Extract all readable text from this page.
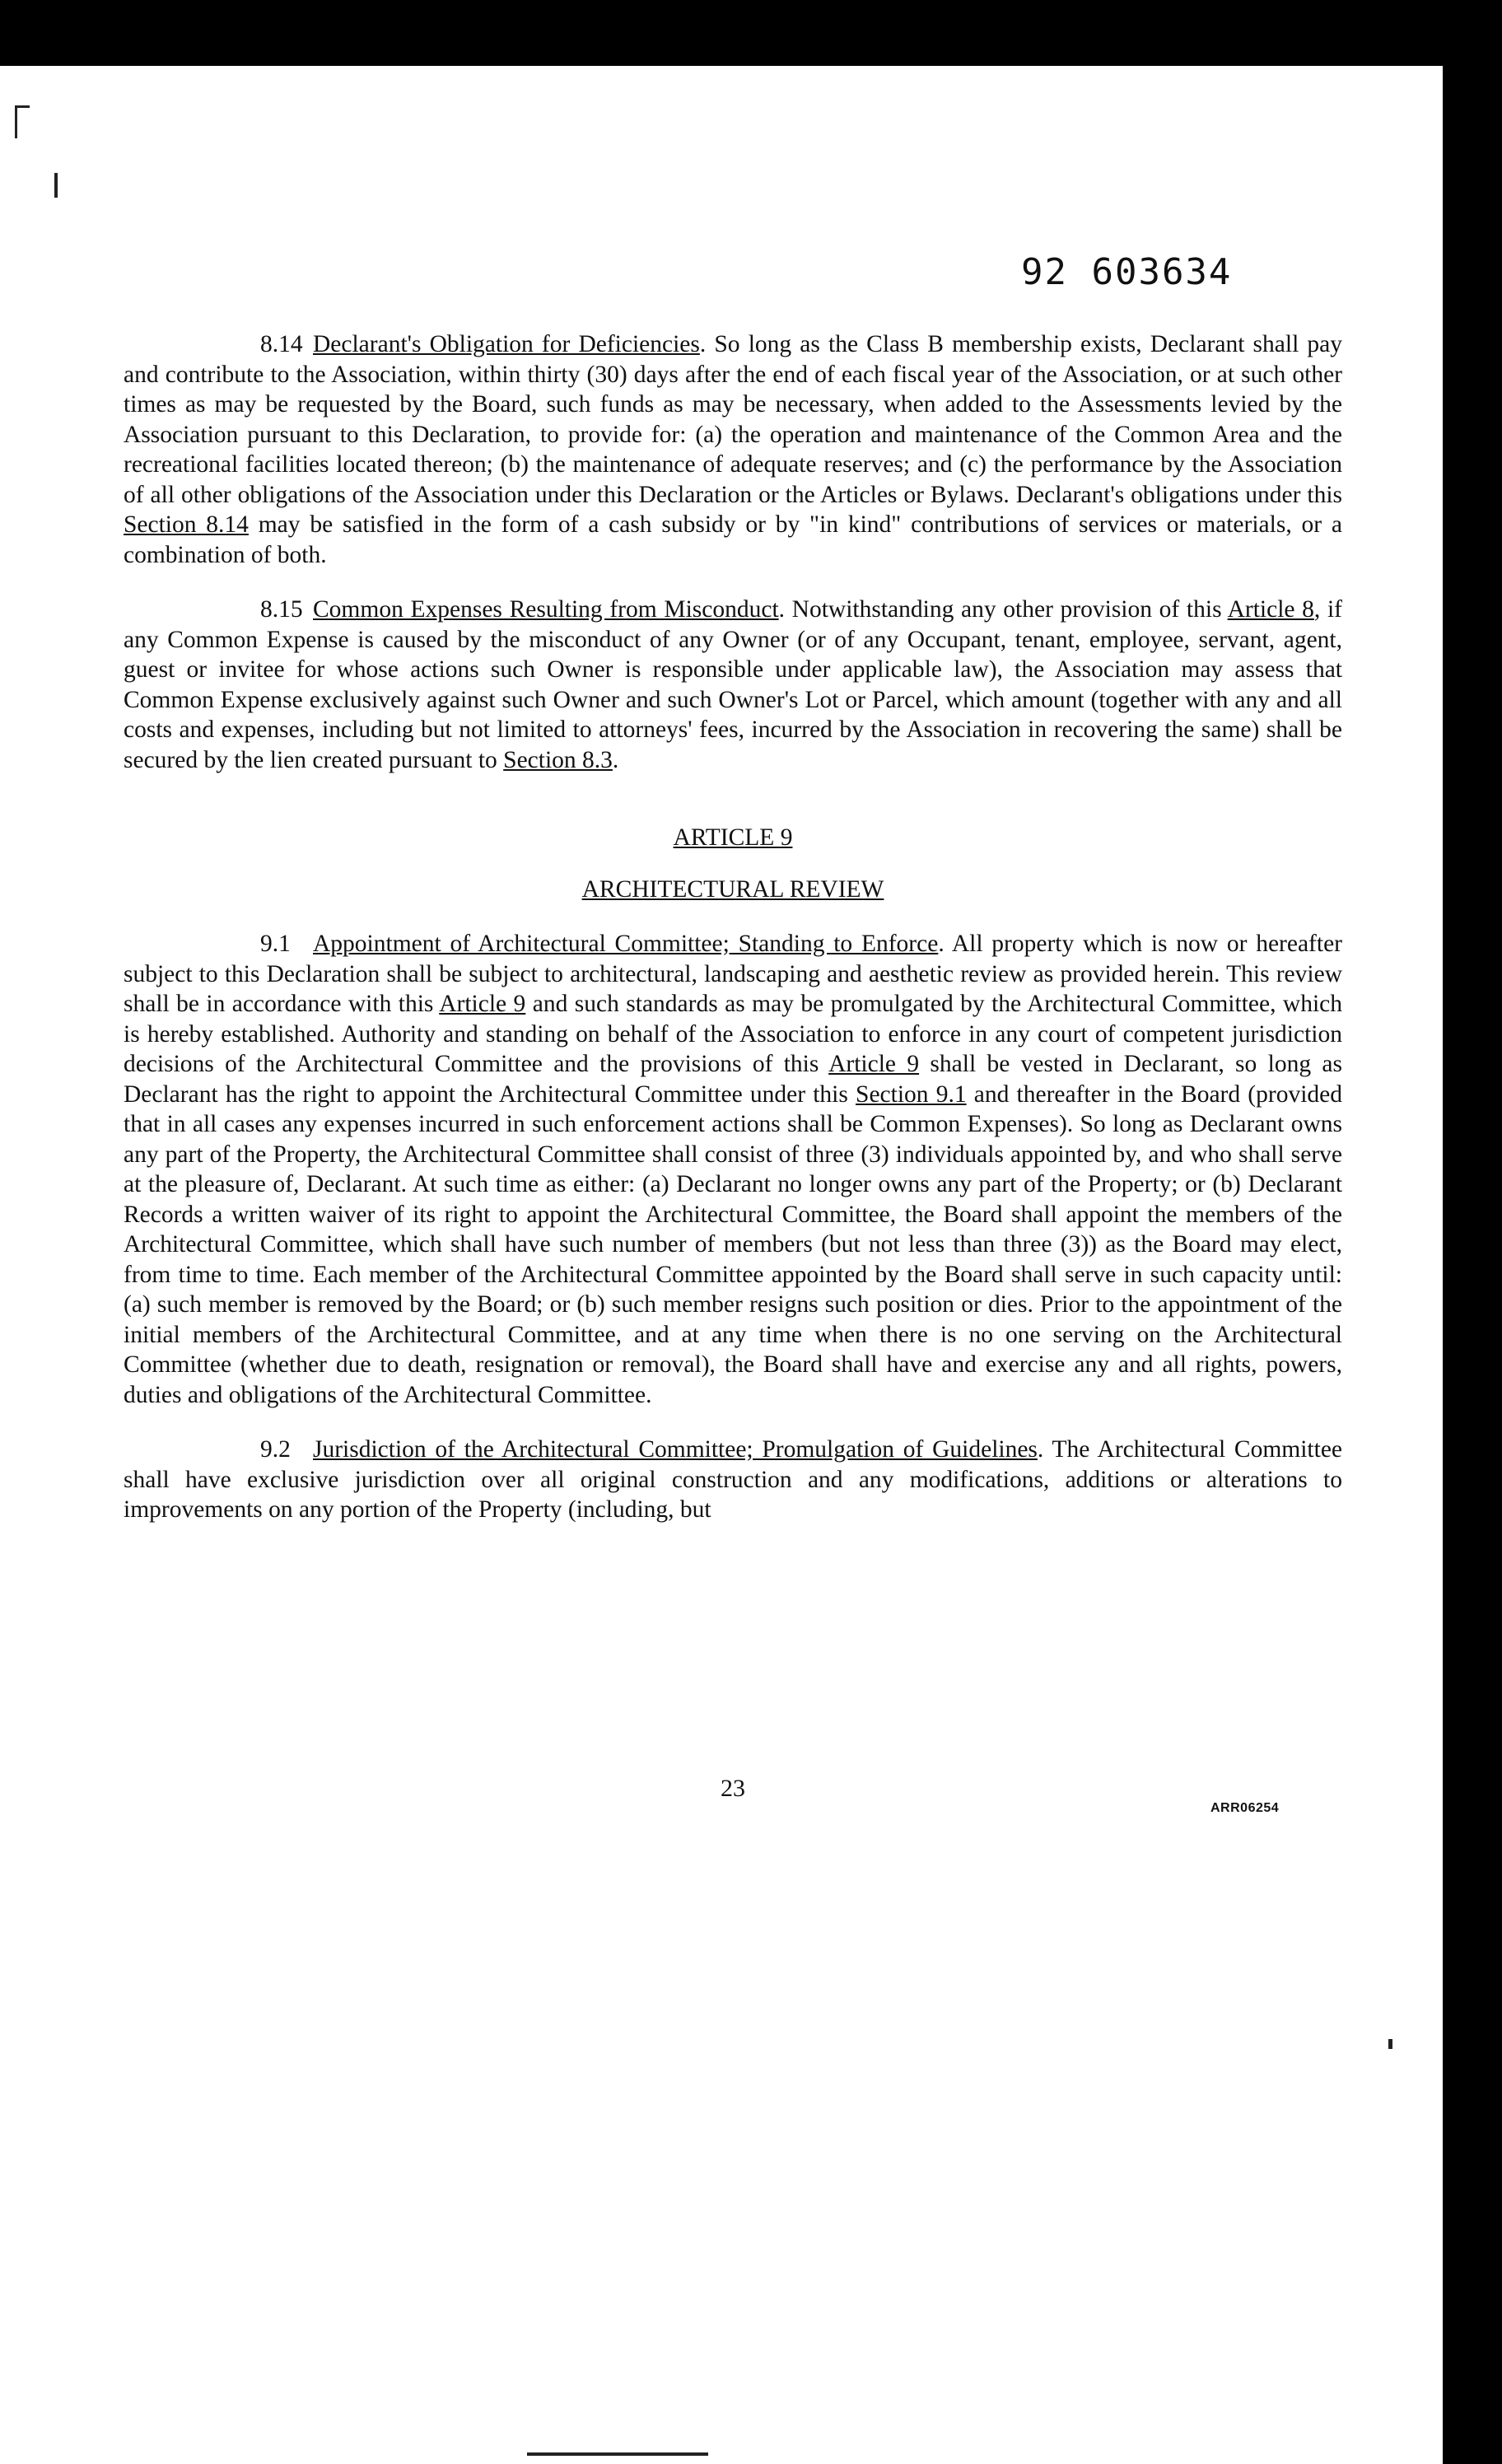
92 603634

8.14 Declarant's Obligation for Deficiencies. So long as the Class B membership exists, Declarant shall pay and contribute to the Association, within thirty (30) days after the end of each fiscal year of the Association, or at such other times as may be requested by the Board, such funds as may be necessary, when added to the Assessments levied by the Association pursuant to this Declaration, to provide for: (a) the operation and maintenance of the Common Area and the recreational facilities located thereon; (b) the maintenance of adequate reserves; and (c) the performance by the Association of all other obligations of the Association under this Declaration or the Articles or Bylaws. Declarant's obligations under this Section 8.14 may be satisfied in the form of a cash subsidy or by "in kind" contributions of services or materials, or a combination of both.

8.15 Common Expenses Resulting from Misconduct. Notwithstanding any other provision of this Article 8, if any Common Expense is caused by the misconduct of any Owner (or of any Occupant, tenant, employee, servant, agent, guest or invitee for whose actions such Owner is responsible under applicable law), the Association may assess that Common Expense exclusively against such Owner and such Owner's Lot or Parcel, which amount (together with any and all costs and expenses, including but not limited to attorneys' fees, incurred by the Association in recovering the same) shall be secured by the lien created pursuant to Section 8.3.

ARTICLE 9

ARCHITECTURAL REVIEW

9.1 Appointment of Architectural Committee; Standing to Enforce. All property which is now or hereafter subject to this Declaration shall be subject to architectural, landscaping and aesthetic review as provided herein. This review shall be in accordance with this Article 9 and such standards as may be promulgated by the Architectural Committee, which is hereby established. Authority and standing on behalf of the Association to enforce in any court of competent jurisdiction decisions of the Architectural Committee and the provisions of this Article 9 shall be vested in Declarant, so long as Declarant has the right to appoint the Architectural Committee under this Section 9.1 and thereafter in the Board (provided that in all cases any expenses incurred in such enforcement actions shall be Common Expenses). So long as Declarant owns any part of the Property, the Architectural Committee shall consist of three (3) individuals appointed by, and who shall serve at the pleasure of, Declarant. At such time as either: (a) Declarant no longer owns any part of the Property; or (b) Declarant Records a written waiver of its right to appoint the Architectural Committee, the Board shall appoint the members of the Architectural Committee, which shall have such number of members (but not less than three (3)) as the Board may elect, from time to time. Each member of the Architectural Committee appointed by the Board shall serve in such capacity until: (a) such member is removed by the Board; or (b) such member resigns such position or dies. Prior to the appointment of the initial members of the Architectural Committee, and at any time when there is no one serving on the Architectural Committee (whether due to death, resignation or removal), the Board shall have and exercise any and all rights, powers, duties and obligations of the Architectural Committee.

9.2 Jurisdiction of the Architectural Committee; Promulgation of Guidelines. The Architectural Committee shall have exclusive jurisdiction over all original construction and any modifications, additions or alterations to improvements on any portion of the Property (including, but

23
ARR06254
